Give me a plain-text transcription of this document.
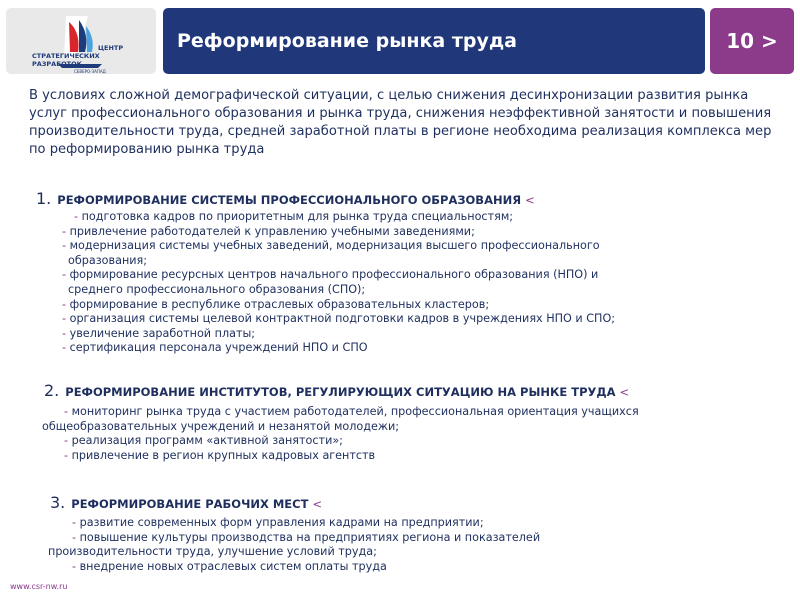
ЦЕНТР
СТРАТЕГИЧЕСКИХ
РАЗРАБОТОК
СЕВЕРО-ЗАПАД
Реформирование рынка труда	10 >
В условиях сложной демографической ситуации, с целью снижения десинхронизации развития рынка услуг профессионального образования и рынка труда, снижения неэффективной занятости и повышения производительности труда, средней заработной платы в регионе необходима реализация комплекса мер по реформированию рынка труда
1. РЕФОРМИРОВАНИЕ СИСТЕМЫ ПРОФЕССИОНАЛЬНОГО ОБРАЗОВАНИЯ <
- подготовка кадров по приоритетным для рынка труда специальностям;
- привлечение работодателей к управлению учебными заведениями;
- модернизация системы учебных заведений, модернизация высшего профессионального
образования;
- формирование ресурсных центров начального профессионального образования (НПО) и
среднего профессионального образования (СПО);
- формирование в республике отраслевых образовательных кластеров;
- организация системы целевой контрактной подготовки кадров в учреждениях НПО и СПО;
- увеличение заработной платы;
- сертификация персонала учреждений НПО и СПО
2. РЕФОРМИРОВАНИЕ ИНСТИТУТОВ, РЕГУЛИРУЮЩИХ СИТУАЦИЮ НА РЫНКЕ ТРУДА <
- мониторинг рынка труда с участием работодателей, профессиональная ориентация учащихся
общеобразовательных учреждений и незанятой молодежи;
- реализация программ «активной занятости»;
- привлечение в регион крупных кадровых агентств
3. РЕФОРМИРОВАНИЕ РАБОЧИХ МЕСТ <
- развитие современных форм управления кадрами на предприятии;
- повышение культуры производства на предприятиях региона и показателей
производительности труда, улучшение условий труда;
- внедрение новых отраслевых систем оплаты труда
www.csr-nw.ru
